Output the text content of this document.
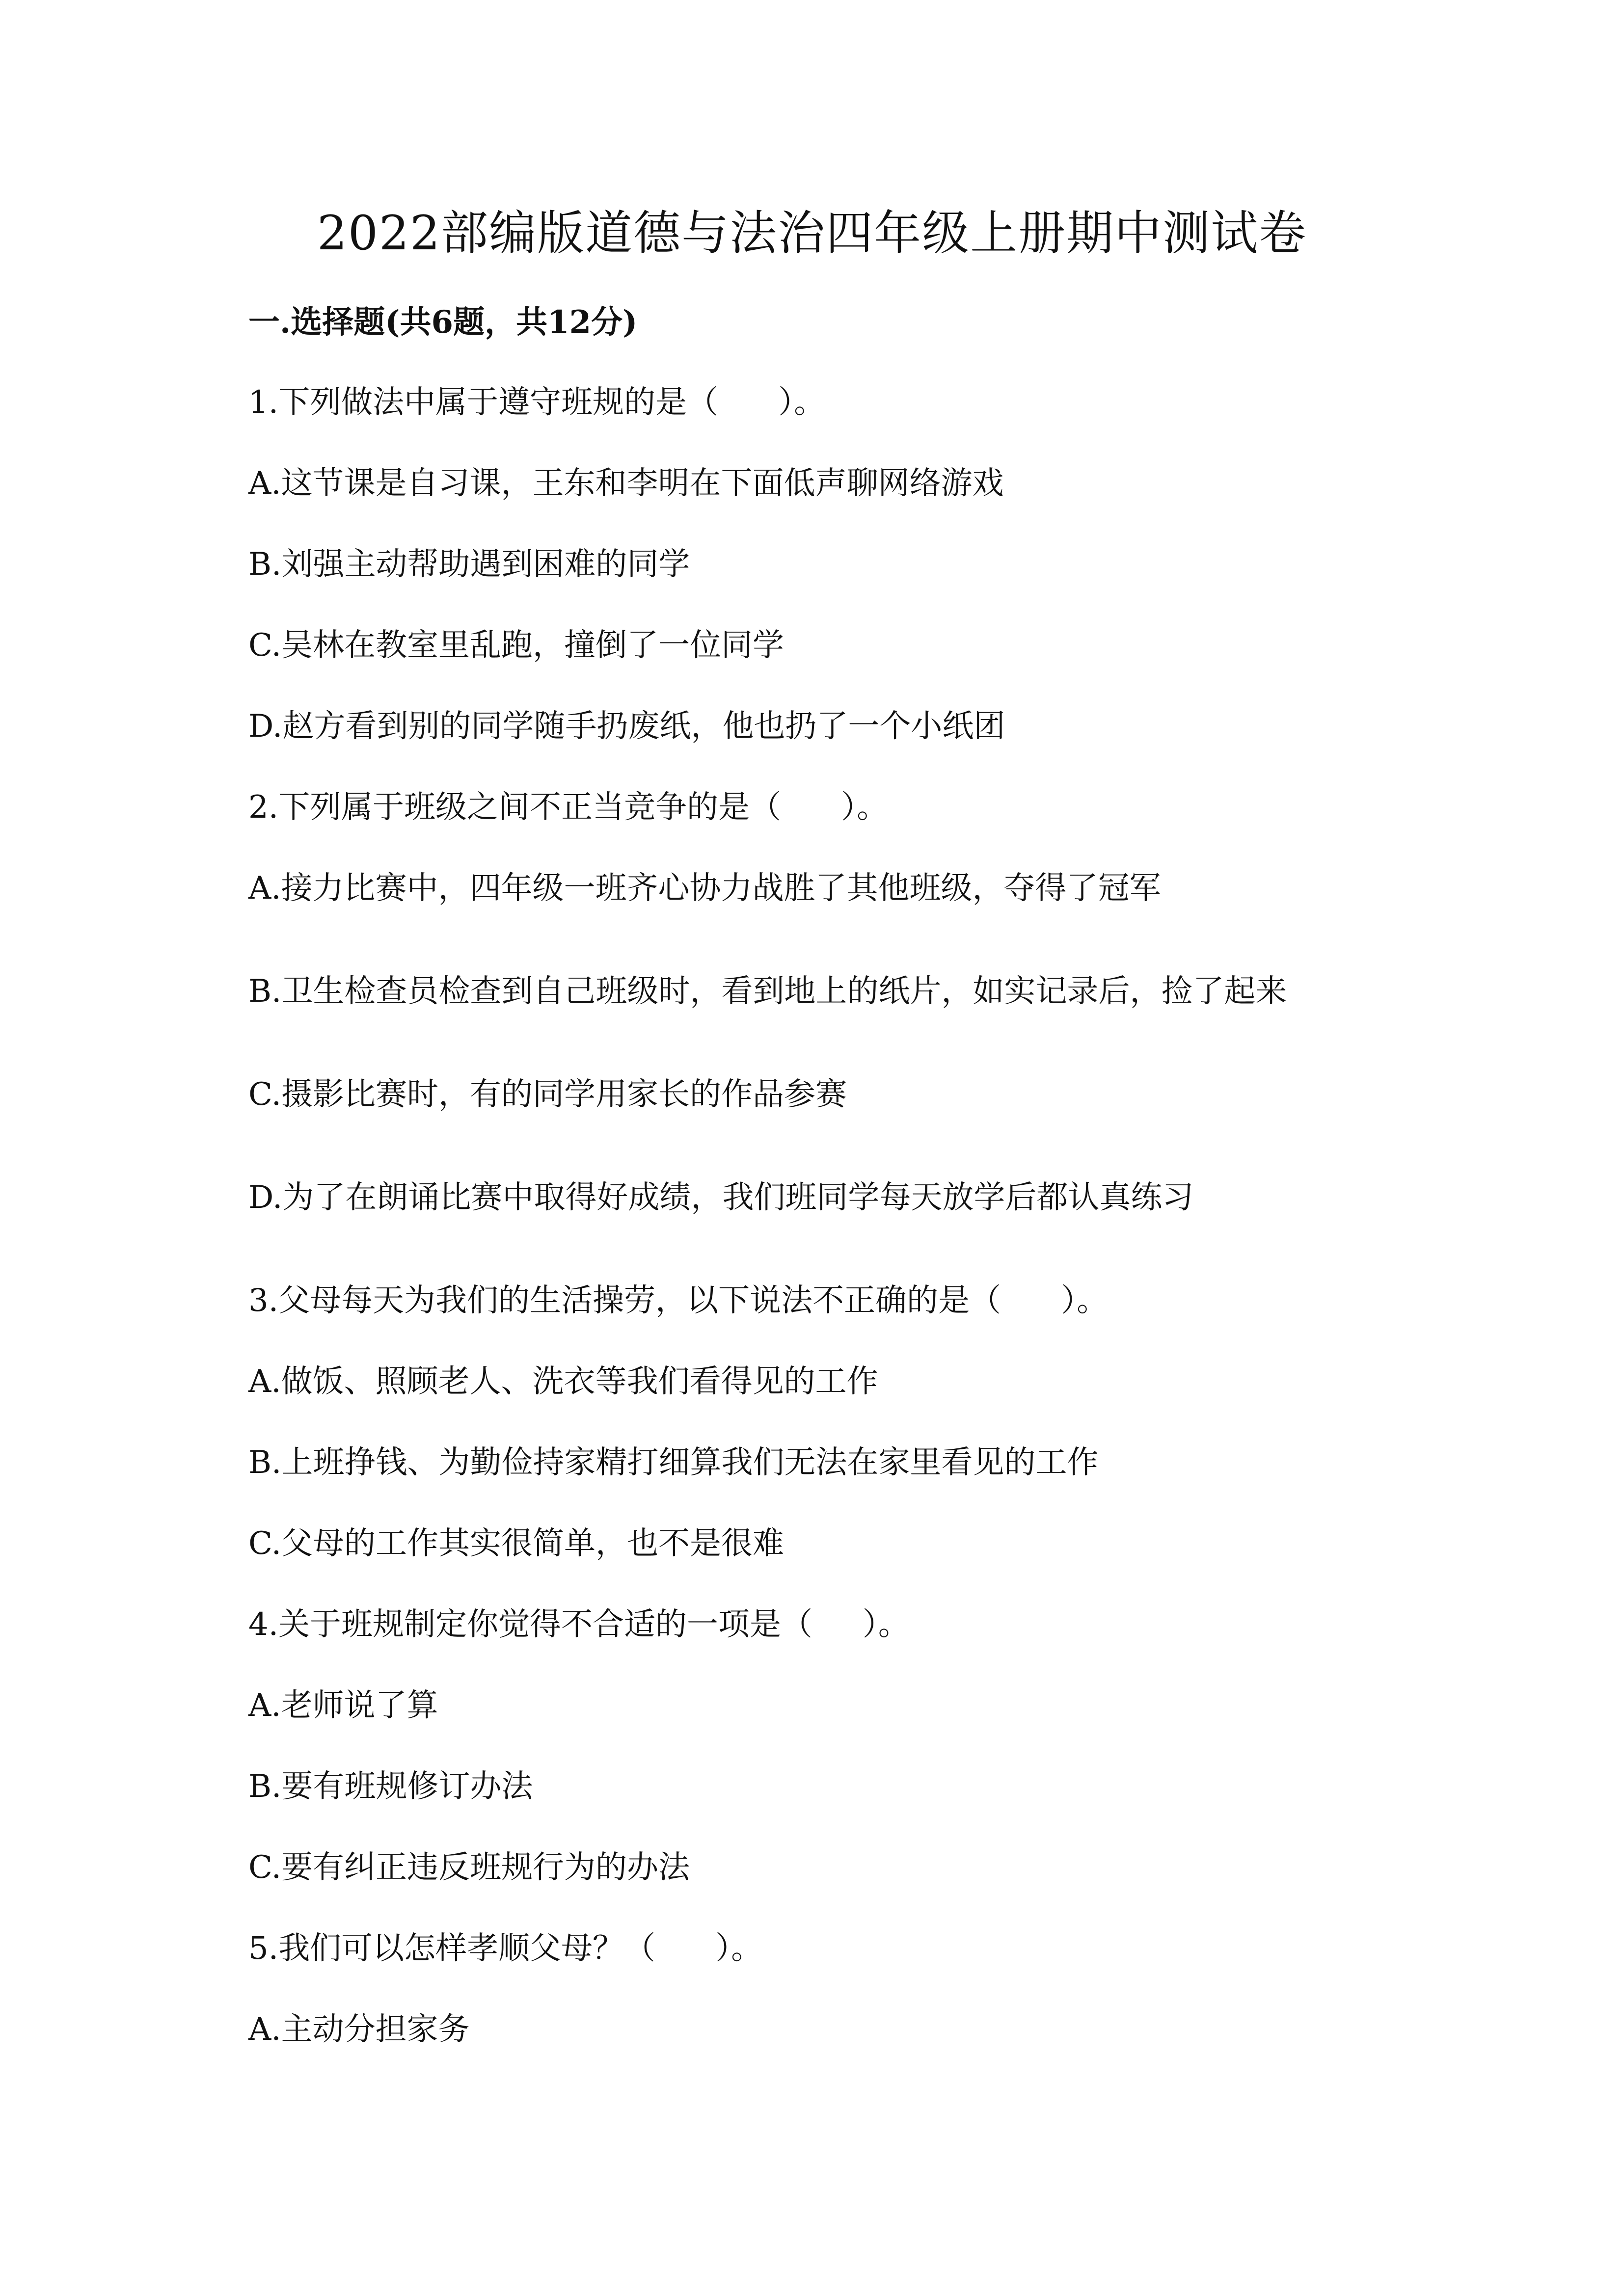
2022部编版道德与法治四年级上册期中测试卷
一.选择题(共6题，共12分)
1.下列做法中属于遵守班规的是（      ）。
A.这节课是自习课，王东和李明在下面低声聊网络游戏
B.刘强主动帮助遇到困难的同学
C.吴林在教室里乱跑，撞倒了一位同学
D.赵方看到别的同学随手扔废纸，他也扔了一个小纸团
2.下列属于班级之间不正当竞争的是（      ）。
A.接力比赛中，四年级一班齐心协力战胜了其他班级，夺得了冠军
B.卫生检查员检查到自己班级时，看到地上的纸片，如实记录后，捡了起来
C.摄影比赛时，有的同学用家长的作品参赛
D.为了在朗诵比赛中取得好成绩，我们班同学每天放学后都认真练习
3.父母每天为我们的生活操劳，以下说法不正确的是（      ）。
A.做饭、照顾老人、洗衣等我们看得见的工作
B.上班挣钱、为勤俭持家精打细算我们无法在家里看见的工作
C.父母的工作其实很简单，也不是很难
4.关于班规制定你觉得不合适的一项是（     ）。
A.老师说了算
B.要有班规修订办法
C.要有纠正违反班规行为的办法
5.我们可以怎样孝顺父母？（      ）。
A.主动分担家务
